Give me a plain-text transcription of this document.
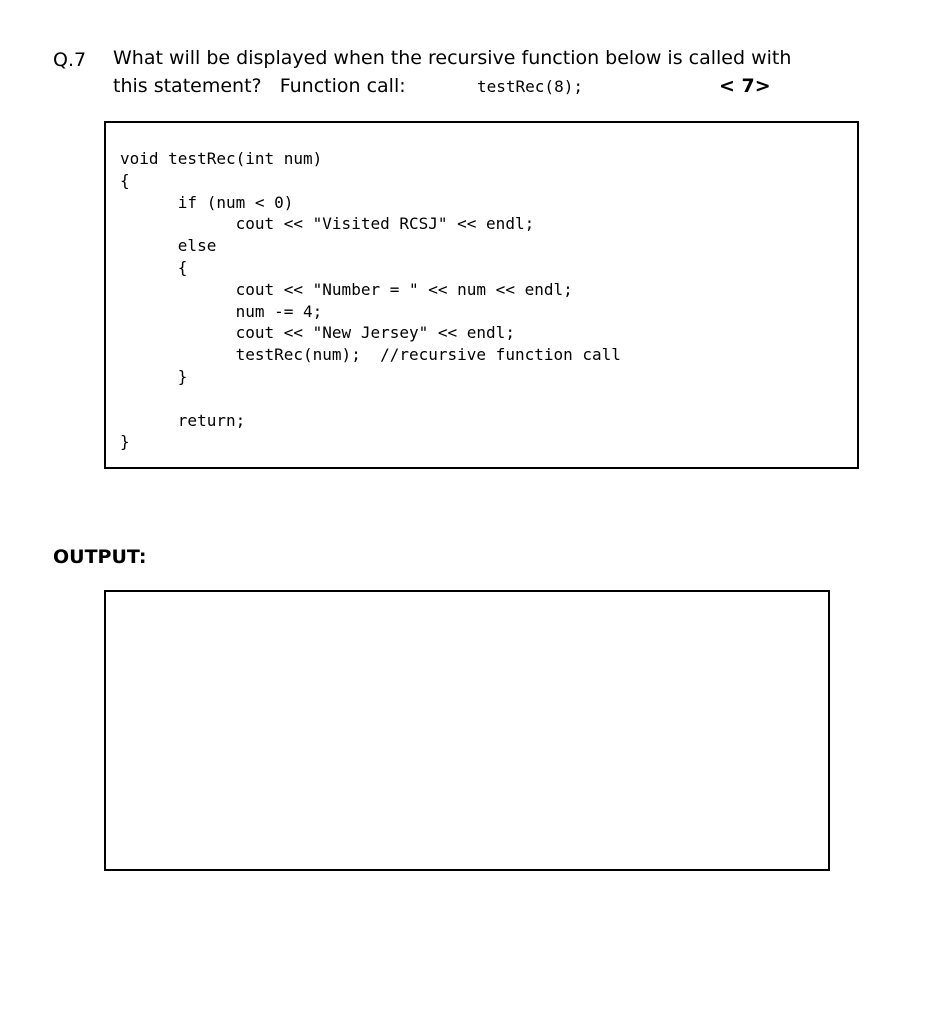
Q.7 What will be displayed when the recursive function below is called with
this statement?   Function call:	testRec(8);	< 7>
void testRec(int num)
{
if (num < 0)
cout << "Visited RCSJ" << endl;
else
{
cout << "Number = " << num << endl;
num -= 4;
cout << "New Jersey" << endl;
testRec(num);  //recursive function call
}

return;
}
OUTPUT:
